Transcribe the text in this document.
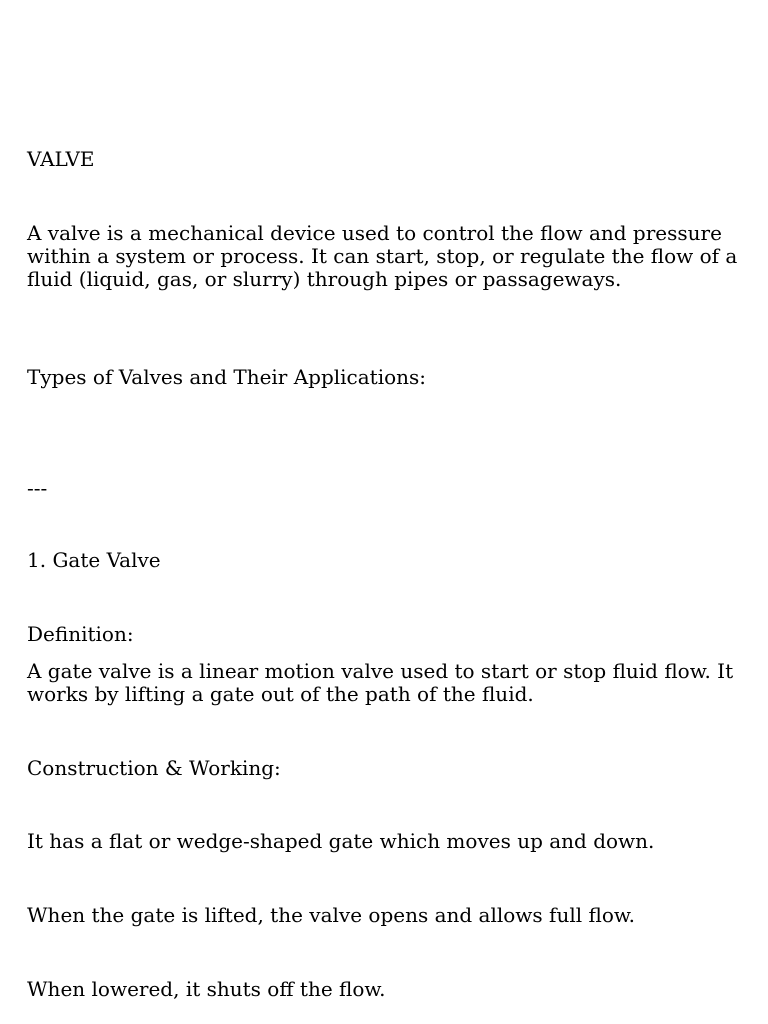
VALVE

A valve is a mechanical device used to control the flow and pressure within a system or process. It can start, stop, or regulate the flow of a fluid (liquid, gas, or slurry) through pipes or passageways.

Types of Valves and Their Applications:

---

1. Gate Valve

Definition:

A gate valve is a linear motion valve used to start or stop fluid flow. It works by lifting a gate out of the path of the fluid.

Construction & Working:

It has a flat or wedge-shaped gate which moves up and down.

When the gate is lifted, the valve opens and allows full flow.

When lowered, it shuts off the flow.
